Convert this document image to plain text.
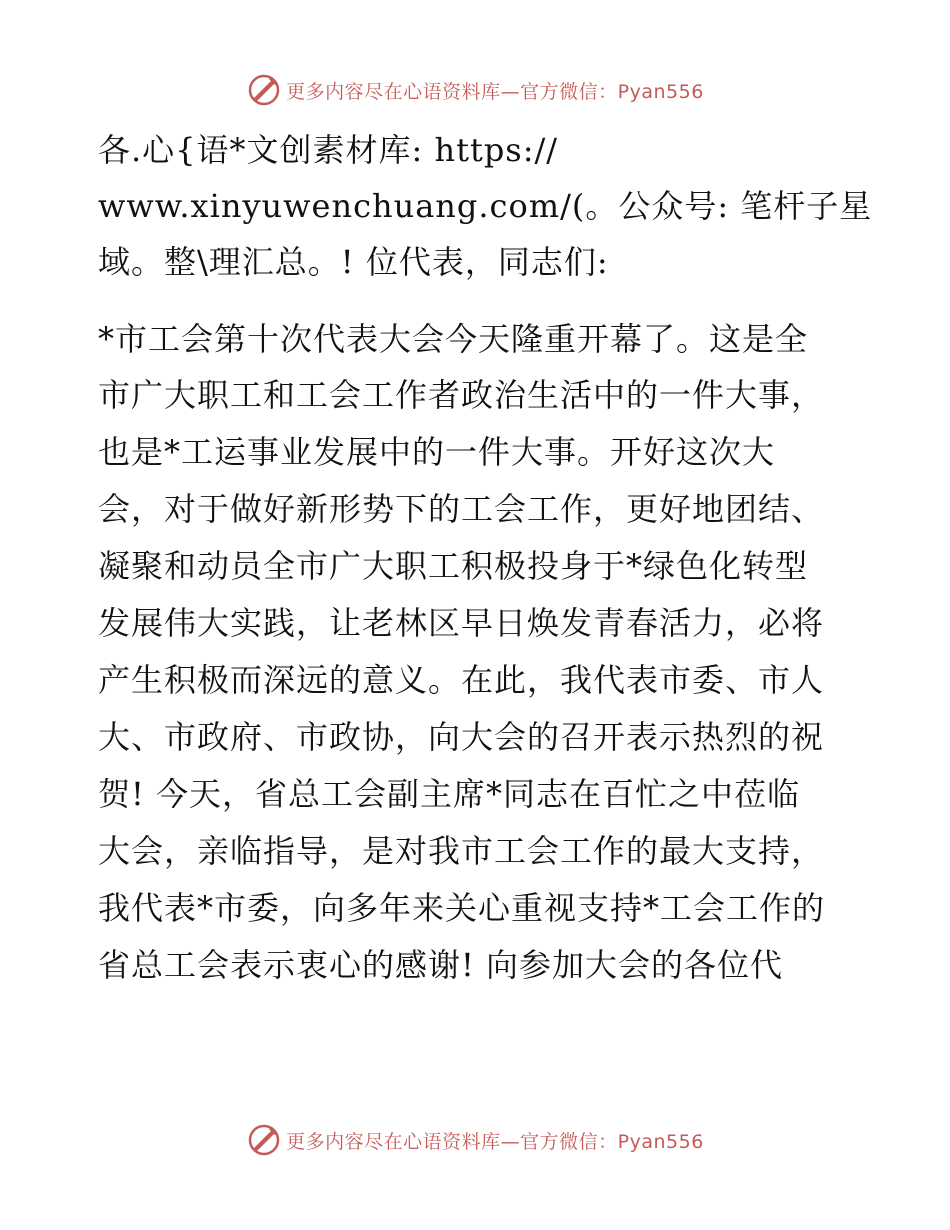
更多内容尽在心语资料库—官方微信：Pyan556
各.心{语*文创素材库: https://
www.xinyuwenchuang.com/(。公众号: 笔杆子星
域。整\理汇总。! 位代表，同志们:
*市工会第十次代表大会今天隆重开幕了。这是全
市广大职工和工会工作者政治生活中的一件大事，
也是*工运事业发展中的一件大事。开好这次大
会，对于做好新形势下的工会工作，更好地团结、
凝聚和动员全市广大职工积极投身于*绿色化转型
发展伟大实践，让老林区早日焕发青春活力，必将
产生积极而深远的意义。在此，我代表市委、市人
大、市政府、市政协，向大会的召开表示热烈的祝
贺! 今天，省总工会副主席*同志在百忙之中莅临
大会，亲临指导，是对我市工会工作的最大支持，
我代表*市委，向多年来关心重视支持*工会工作的
省总工会表示衷心的感谢! 向参加大会的各位代
更多内容尽在心语资料库—官方微信：Pyan556
